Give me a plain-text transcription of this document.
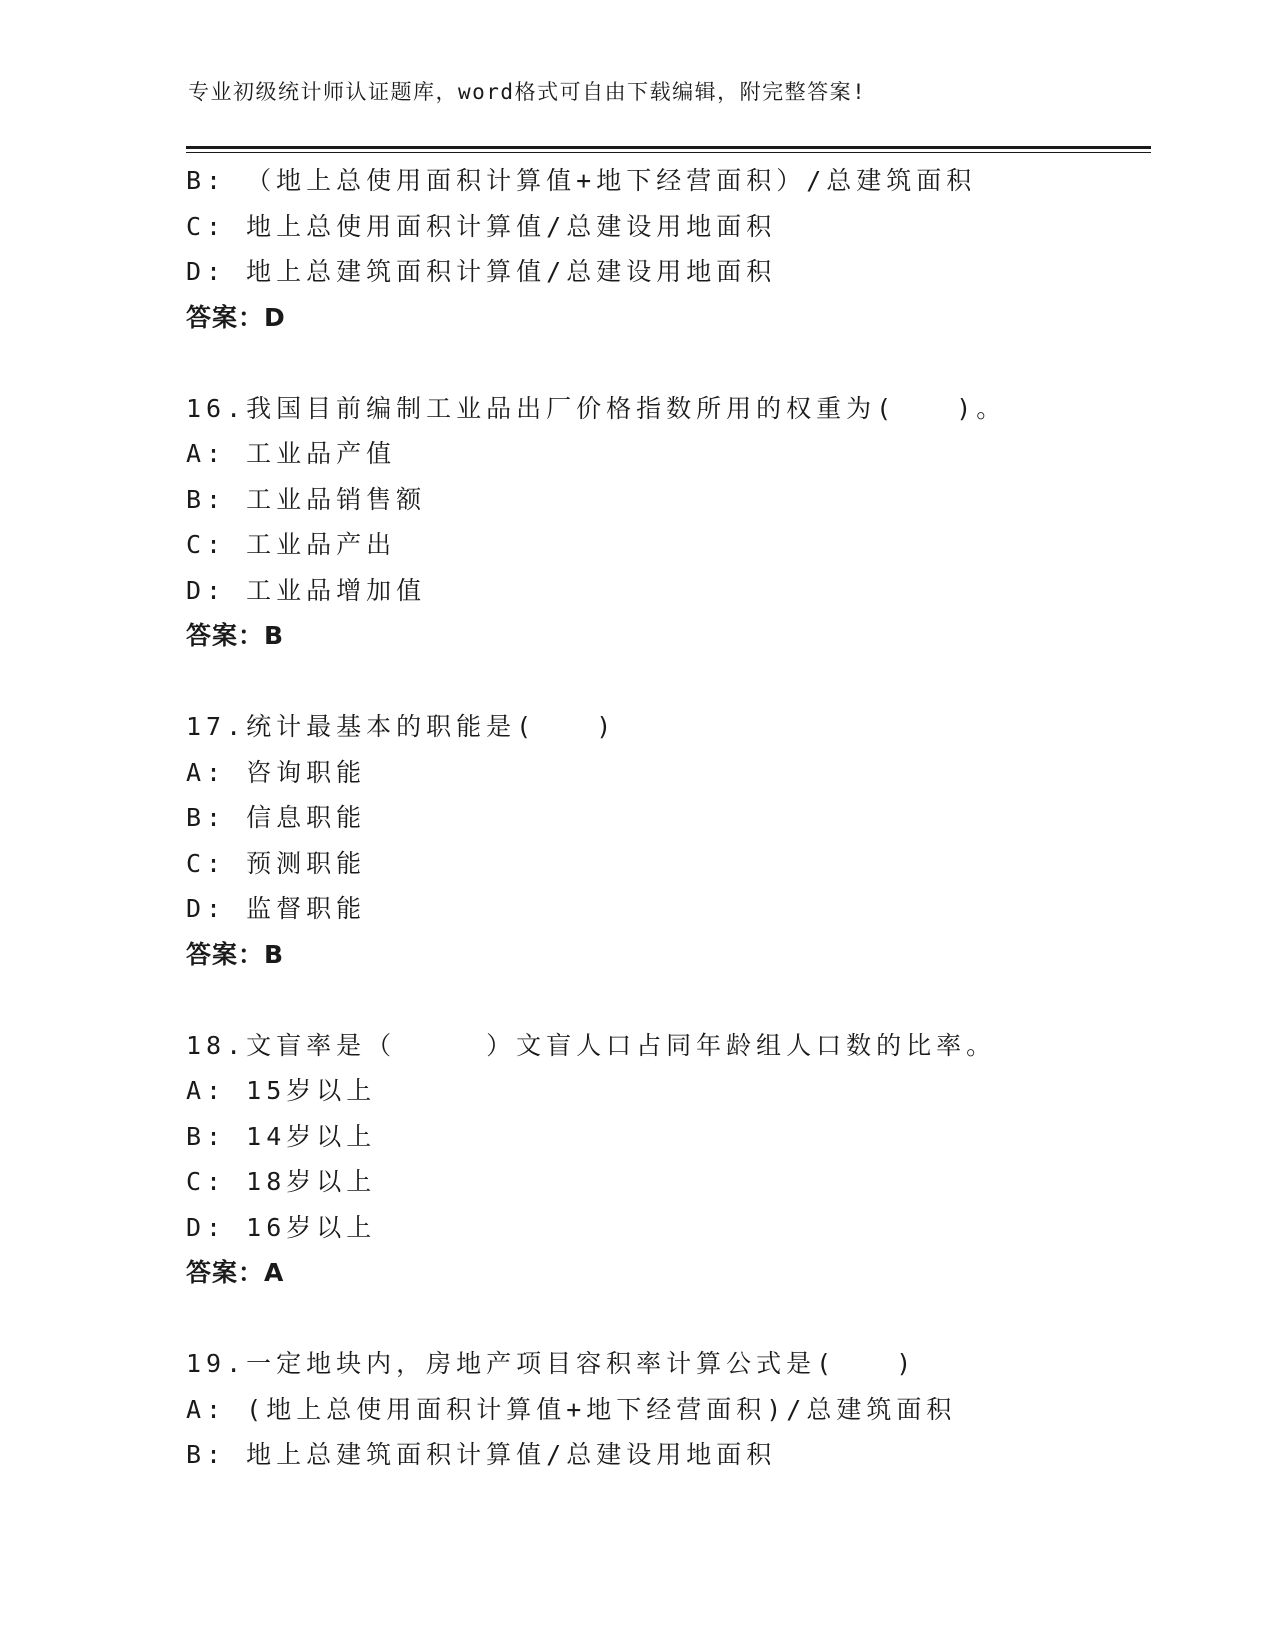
专业初级统计师认证题库，word格式可自由下载编辑，附完整答案!
B: （地上总使用面积计算值+地下经营面积）/总建筑面积
C: 地上总使用面积计算值/总建设用地面积
D: 地上总建筑面积计算值/总建设用地面积
答案：D
16.我国目前编制工业品出厂价格指数所用的权重为(　　)。
A: 工业品产值
B: 工业品销售额
C: 工业品产出
D: 工业品增加值
答案：B
17.统计最基本的职能是(　　)
A: 咨询职能
B: 信息职能
C: 预测职能
D: 监督职能
答案：B
18.文盲率是（　　　）文盲人口占同年龄组人口数的比率。
A: 15岁以上
B: 14岁以上
C: 18岁以上
D: 16岁以上
答案：A
19.一定地块内，房地产项目容积率计算公式是(　　)
A: (地上总使用面积计算值+地下经营面积)/总建筑面积
B: 地上总建筑面积计算值/总建设用地面积
